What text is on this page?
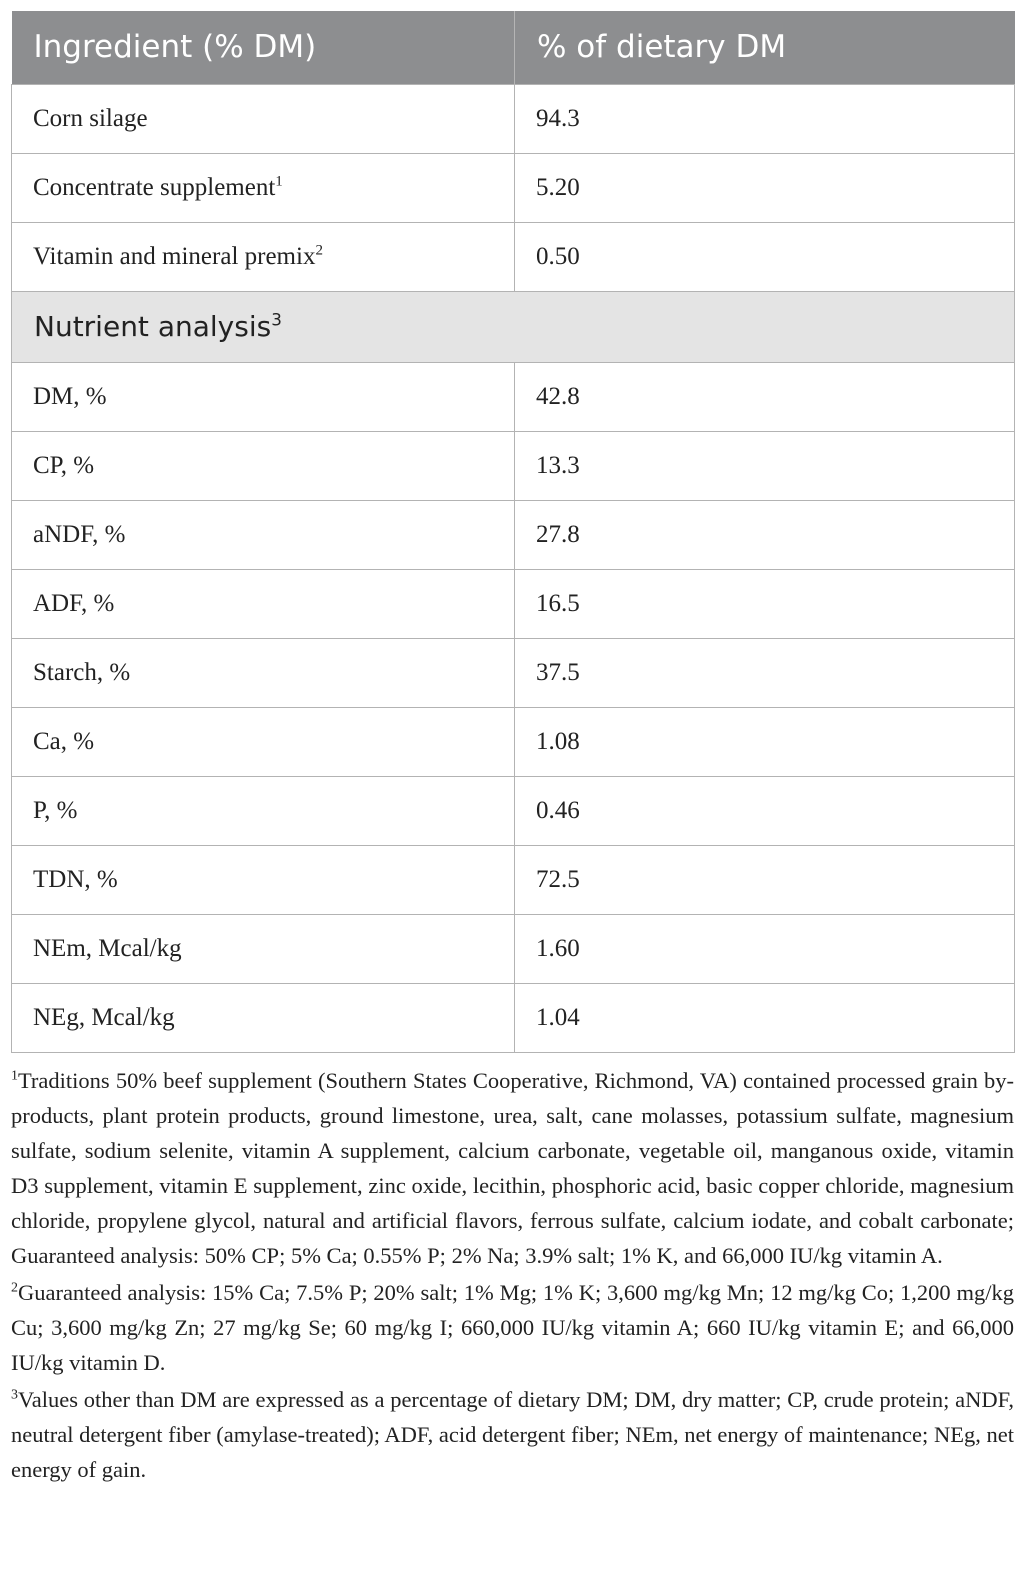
Ingredient (% DM)	% of dietary DM
Corn silage	94.3
Concentrate supplement$^1$	5.20
Vitamin and mineral premix$^2$	0.50
Nutrient analysis$^3$
DM, %	42.8
CP, %	13.3
aNDF, %	27.8
ADF, %	16.5
Starch, %	37.5
Ca, %	1.08
P, %	0.46
TDN, %	72.5
NEm, Mcal/kg	1.60
NEg, Mcal/kg	1.04

$^1$Traditions 50% beef supplement (Southern States Cooperative, Richmond, VA) contained processed grain by-products, plant protein products, ground limestone, urea, salt, cane molasses, potassium sulfate, magnesium sulfate, sodium selenite, vitamin A supplement, calcium carbonate, vegetable oil, manganous oxide, vitamin D3 supplement, vitamin E supplement, zinc oxide, lecithin, phosphoric acid, basic copper chloride, magnesium chloride, propylene glycol, natural and artificial flavors, ferrous sulfate, calcium iodate, and cobalt carbonate; Guaranteed analysis: 50% CP; 5% Ca; 0.55% P; 2% Na; 3.9% salt; 1% K, and 66,000 IU/kg vitamin A.

$^2$Guaranteed analysis: 15% Ca; 7.5% P; 20% salt; 1% Mg; 1% K; 3,600 mg/kg Mn; 12 mg/kg Co; 1,200 mg/kg Cu; 3,600 mg/kg Zn; 27 mg/kg Se; 60 mg/kg I; 660,000 IU/kg vitamin A; 660 IU/kg vitamin E; and 66,000 IU/kg vitamin D.

$^3$Values other than DM are expressed as a percentage of dietary DM; DM, dry matter; CP, crude protein; aNDF, neutral detergent fiber (amylase-treated); ADF, acid detergent fiber; NEm, net energy of maintenance; NEg, net energy of gain.
